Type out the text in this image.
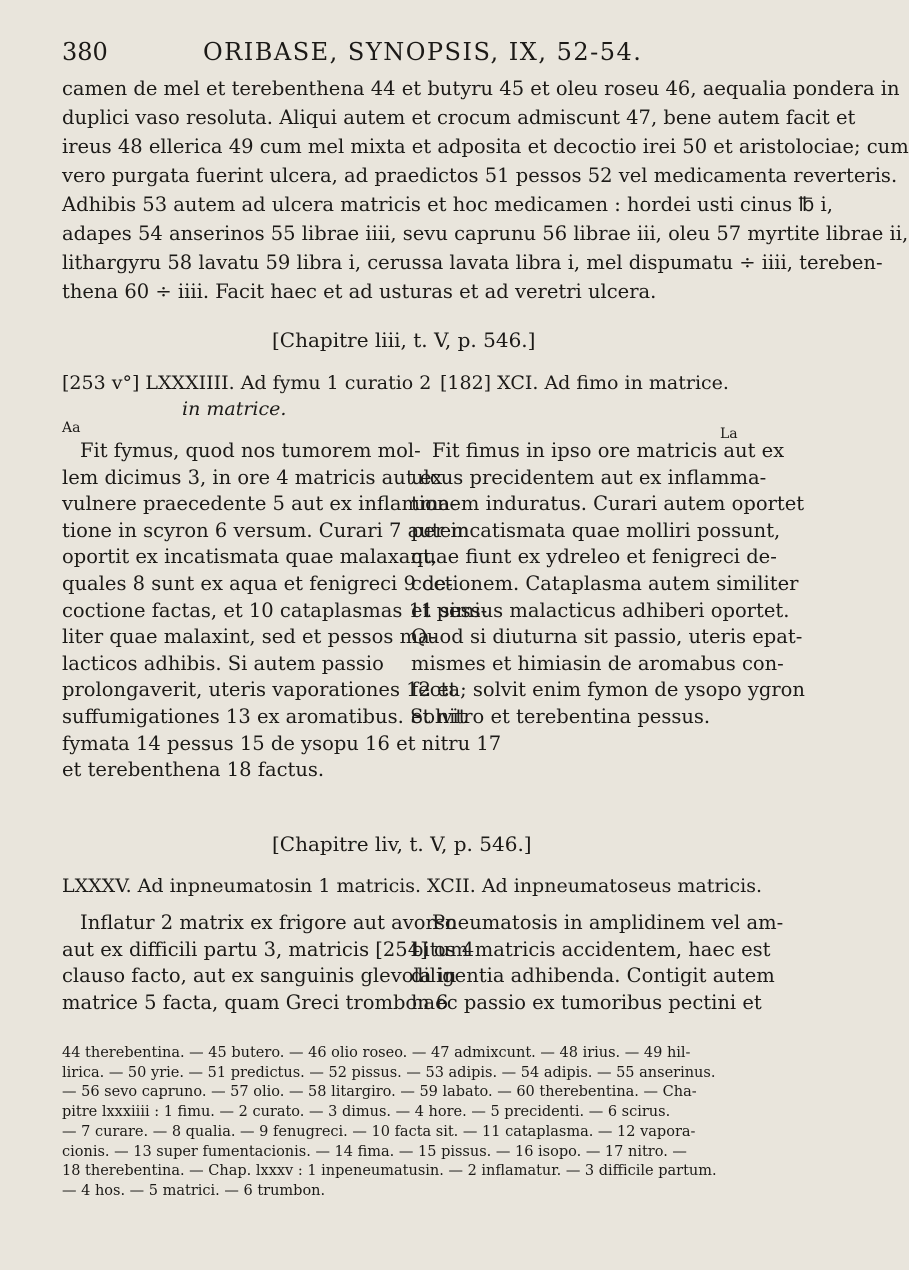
380	ORIBASE, SYNOPSIS, IX, 52-54.
camen de mel et terebenthena 44 et butyru 45 et oleu roseu 46, aequalia pondera in
duplici vaso resoluta. Aliqui autem et crocum admiscunt 47, bene autem facit et
ireus 48 ellerica 49 cum mel mixta et adposita et decoctio irei 50 et aristolociae; cum
vero purgata fuerint ulcera, ad praedictos 51 pessos 52 vel medicamenta reverteris.
Adhibis 53 autem ad ulcera matricis et hoc medicamen : hordei usti cinus ℔ i,
adapes 54 anserinos 55 librae iiii, sevu caprunu 56 librae iii, oleu 57 myrtite librae ii,
lithargyru 58 lavatu 59 libra i, cerussa lavata libra i, mel dispumatu ÷ iiii, tereben-
thena 60 ÷ iiii. Facit haec et ad usturas et ad veretri ulcera.
[Chapitre liii, t. V, p. 546.]
[253 v°] LXXXIIII. Ad fymu 1 curatio 2
in matrice.
Aa
[182] XCI. Ad fimo in matrice.
La
Fit fymus, quod nos tumorem mol-
lem dicimus 3, in ore 4 matricis aut ex
vulnere praecedente 5 aut ex inflamma-
tione in scyron 6 versum. Curari 7 autem
oportit ex incatismata quae malaxant,
quales 8 sunt ex aqua et fenigreci 9 de-
coctione factas, et 10 cataplasmas 11 simi-
liter quae malaxint, sed et pessos ma-
lacticos adhibis. Si autem passio
prolongaverit, uteris vaporationes 12 et
suffumigationes 13 ex aromatibus. Solvit
fymata 14 pessus 15 de ysopu 16 et nitru 17
et terebenthena 18 factus.
Fit fimus in ipso ore matricis aut ex
ulcus precidentem aut ex inflamma-
tionem induratus. Curari autem oportet
per incatismata quae molliri possunt,
quae fiunt ex ydreleo et fenigreci de-
coctionem. Cataplasma autem similiter
et pessus malacticus adhiberi oportet.
Quod si diuturna sit passio, uteris epat-
mismes et himiasin de aromabus con-
fecta; solvit enim fymon de ysopo ygron
et nitro et terebentina pessus.
[Chapitre liv, t. V, p. 546.]
LXXXV. Ad inpneumatosin 1 matricis. XCII. Ad inpneumatoseus matricis.
Inflatur 2 matrix ex frigore aut avorso
aut ex difficili partu 3, matricis [254] os 4
clauso facto, aut ex sanguinis glevola in
matrice 5 facta, quam Greci trombon 6
Pneumatosis in amplidinem vel am-
bitum matricis accidentem, haec est
diligentia adhibenda. Contigit autem
haec passio ex tumoribus pectini et
44 therebentina. — 45 butero. — 46 olio roseo. — 47 admixcunt. — 48 irius. — 49 hil-
lirica. — 50 yrie. — 51 predictus. — 52 pissus. — 53 adipis. — 54 adipis. — 55 anserinus.
— 56 sevo capruno. — 57 olio. — 58 litargiro. — 59 labato. — 60 therebentina. — Cha-
pitre lxxxiiii : 1 fimu. — 2 curato. — 3 dimus. — 4 hore. — 5 precidenti. — 6 scirus.
— 7 curare. — 8 qualia. — 9 fenugreci. — 10 facta sit. — 11 cataplasma. — 12 vapora-
cionis. — 13 super fumentacionis. — 14 fima. — 15 pissus. — 16 isopo. — 17 nitro. —
18 therebentina. — Chap. lxxxv : 1 inpeneumatusin. — 2 inflamatur. — 3 difficile partum.
— 4 hos. — 5 matrici. — 6 trumbon.
